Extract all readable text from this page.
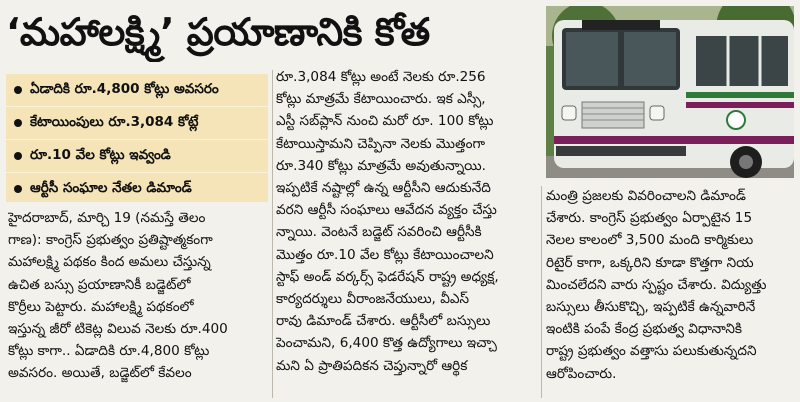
‘మహాలక్ష్మి’ ప్రయాణానికి కోత
ఏడాదికి రూ.4,800 కోట్లు అవసరం
కేటాయింపులు రూ.3,084 కోట్లే
రూ.10 వేల కోట్లు ఇవ్వండి
ఆర్టీసీ సంఘాల నేతల డిమాండ్
హైదరాబాద్, మార్చి 19 (నమస్తే తెలం
గాణ): కాంగ్రెస్ ప్రభుత్వం ప్రతిష్టాత్మకంగా
మహాలక్ష్మి పథకం కింద అమలు చేస్తున్న
ఉచిత బస్సు ప్రయాణానికీ బడ్జెట్‌లో
కొర్రీలు పెట్టారు. మహాలక్ష్మి పథకంలో
ఇస్తున్న జీరో టికెట్ల విలువ నెలకు రూ.400
కోట్లు కాగా.. ఏడాదికి రూ.4,800 కోట్లు
అవసరం. అయితే, బడ్జెట్‌లో కేవలం
రూ.3,084 కోట్లు అంటే నెలకు రూ.256
కోట్లు మాత్రమే కేటాయించారు. ఇక ఎస్సీ,
ఎస్టీ సబ్‌ప్లాన్ నుంచి మరో రూ. 100 కోట్లు
కేటాయిస్తామని చెప్పినా నెలకు మొత్తంగా
రూ.340 కోట్లు మాత్రమే అవుతున్నాయి.
ఇప్పటికే నష్టాల్లో ఉన్న ఆర్టీసీని ఆదుకునేది
వరని ఆర్టీసీ సంఘాలు ఆవేదన వ్యక్తం చేస్తు
న్నాయి. వెంటనే బడ్జెట్ సవరించి ఆర్టీసీకి
మొత్తం రూ.10 వేల కోట్లు కేటాయించాలని
స్టాఫ్ అండ్ వర్కర్స్ ఫెడరేషన్ రాష్ట్ర అధ్యక్ష,
కార్యదర్శులు వీరాంజనేయులు, వీఎస్
రావు డిమాండ్ చేశారు. ఆర్టీసీలో బస్సులు
పెంచామని, 6,400 కొత్త ఉద్యోగాలు ఇచ్చా
మని ఏ ప్రాతిపదికన చెప్తున్నారో ఆర్థిక
మంత్రి ప్రజలకు వివరించాలని డిమాండ్
చేశారు. కాంగ్రెస్ ప్రభుత్వం ఏర్పాటైన 15
నెలల కాలంలో 3,500 మంది కార్మికులు
రిటైర్ కాగా, ఒక్కరిని కూడా కొత్తగా నియ
మించలేదని వారు స్పష్టం చేశారు. విద్యుత్తు
బస్సులు తీసుకొచ్చి, ఇప్పటికే ఉన్నవారినే
ఇంటికి పంపే కేంద్ర ప్రభుత్వ విధానానికి
రాష్ట్ర ప్రభుత్వం వత్తాసు పలుకుతున్నదని
ఆరోపించారు.
